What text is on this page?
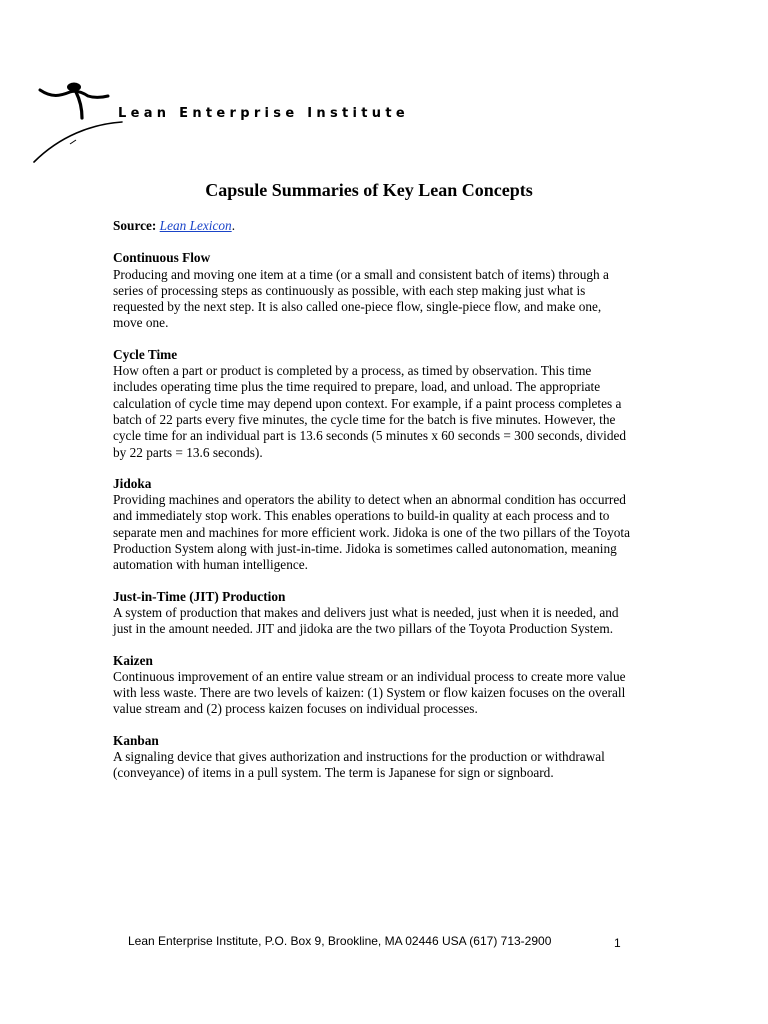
Lean Enterprise Institute
Capsule Summaries of Key Lean Concepts

Source: Lean Lexicon.

Continuous Flow
Producing and moving one item at a time (or a small and consistent batch of items) through a series of processing steps as continuously as possible, with each step making just what is requested by the next step. It is also called one-piece flow, single-piece flow, and make one, move one.
Cycle Time
How often a part or product is completed by a process, as timed by observation. This time includes operating time plus the time required to prepare, load, and unload. The appropriate calculation of cycle time may depend upon context. For example, if a paint process completes a batch of 22 parts every five minutes, the cycle time for the batch is five minutes. However, the cycle time for an individual part is 13.6 seconds (5 minutes x 60 seconds = 300 seconds, divided by 22 parts = 13.6 seconds).
Jidoka
Providing machines and operators the ability to detect when an abnormal condition has occurred and immediately stop work. This enables operations to build-in quality at each process and to separate men and machines for more efficient work. Jidoka is one of the two pillars of the Toyota Production System along with just-in-time. Jidoka is sometimes called autonomation, meaning automation with human intelligence.
Just-in-Time (JIT) Production
A system of production that makes and delivers just what is needed, just when it is needed, and just in the amount needed. JIT and jidoka are the two pillars of the Toyota Production System.
Kaizen
Continuous improvement of an entire value stream or an individual process to create more value with less waste. There are two levels of kaizen: (1) System or flow kaizen focuses on the overall value stream and (2) process kaizen focuses on individual processes.
Kanban
A signaling device that gives authorization and instructions for the production or withdrawal (conveyance) of items in a pull system. The term is Japanese for sign or signboard.
Lean Enterprise Institute, P.O. Box 9, Brookline, MA 02446 USA (617) 713-2900	1
